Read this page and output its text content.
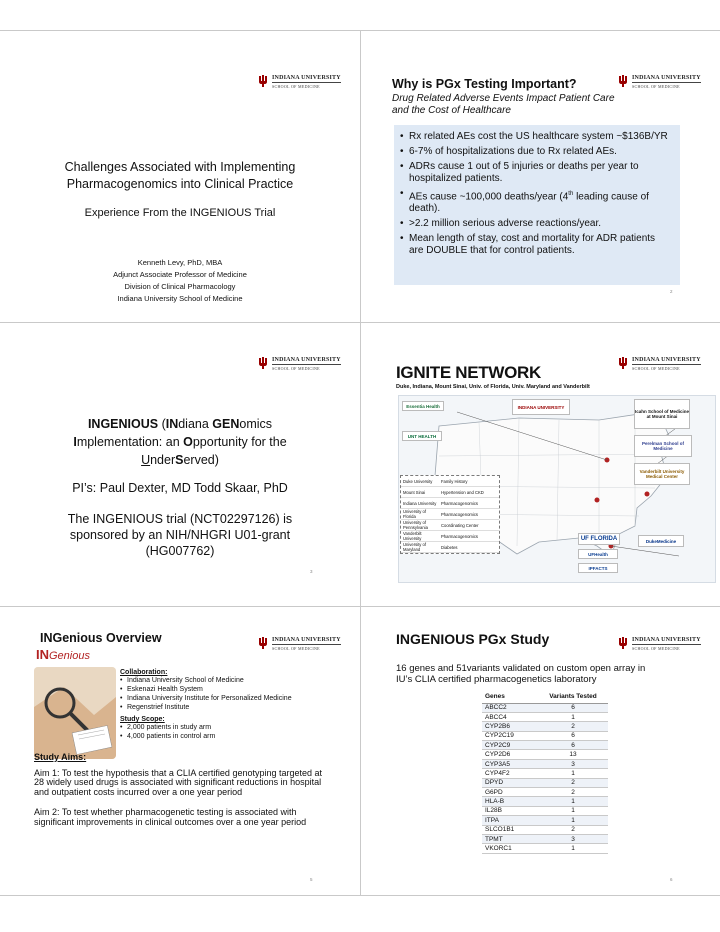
INDIANA UNIVERSITY
SCHOOL OF MEDICINE
Challenges Associated with Implementing
Pharmacogenomics into Clinical Practice
Experience From the INGENIOUS Trial
Kenneth Levy, PhD, MBA
Adjunct Associate Professor of Medicine
Division of Clinical Pharmacology
Indiana University School of Medicine
Why is PGx Testing Important?
Drug Related Adverse Events Impact Patient Care
and the Cost of Healthcare
INDIANA UNIVERSITY
SCHOOL OF MEDICINE
• Rx related AEs cost the US healthcare system ~$136B/YR
• 6-7% of hospitalizations due to Rx related AEs.
• ADRs cause 1 out of 5 injuries or deaths per year to hospitalized patients.
• AEs cause ~100,000 deaths/year (4th leading cause of death).
• >2.2 million serious adverse reactions/year.
• Mean length of stay, cost and mortality for ADR patients are DOUBLE that for control patients.
2
INDIANA UNIVERSITY
SCHOOL OF MEDICINE
INGENIOUS (INdiana GENomics
Implementation: an Opportunity for the
UnderServed)
PI’s: Paul Dexter, MD Todd Skaar, PhD
The INGENIOUS trial (NCT02297126) is
sponsored by an NIH/NHGRI U01-grant
(HG007762)
3
IGNITE NETWORK
Duke, Indiana, Mount Sinai, Univ. of Florida, Univ. Maryland and Vanderbilt
INDIANA UNIVERSITY
SCHOOL OF MEDICINE
Essentia Health	INDIANA UNIVERSITY
Icahn School of Medicine at Mount Sinai
Perelman School of Medicine
UNT HEALTH
Vanderbilt University Medical Center
UF FLORIDA
UFHealth
IPFACTS
DukeMedicine
Duke University	Family History
Mount Sinai	Hypertension and CKD
Indiana University	Pharmacogenomics
University of Florida	Pharmacogenomics
University of Pennsylvania	Coordinating Center
Vanderbilt University	Pharmacogenomics
University of Maryland	Diabetes
INGenious Overview	INDIANA UNIVERSITY
SCHOOL OF MEDICINE
INGenious
Collaboration:
• Indiana University School of Medicine
• Eskenazi Health System
• Indiana University Institute for Personalized Medicine
• Regenstrief Institute
Study Scope:
• 2,000 patients in study arm
• 4,000 patients in control arm
Study Aims:
Aim 1: To test the hypothesis that a CLIA certified genotyping targeted at 28 widely used drugs is associated with significant reductions in hospital and outpatient costs incurred over a one year period
Aim 2: To test whether pharmacogenetic testing is associated with significant improvements in clinical outcomes over a one year period
5
INGENIOUS PGx Study	INDIANA UNIVERSITY
SCHOOL OF MEDICINE
16 genes and 51variants validated on custom open array in
IU’s CLIA certified pharmacogenetics laboratory
Genes	Variants Tested
ABCC2	6
ABCC4	1
CYP2B6	2
CYP2C19	6
CYP2C9	6
CYP2D6	13
CYP3A5	3
CYP4F2	1
DPYD	2
G6PD	2
HLA-B	1
IL28B	1
ITPA	1
SLCO1B1	2
TPMT	3
VKORC1	1
6
